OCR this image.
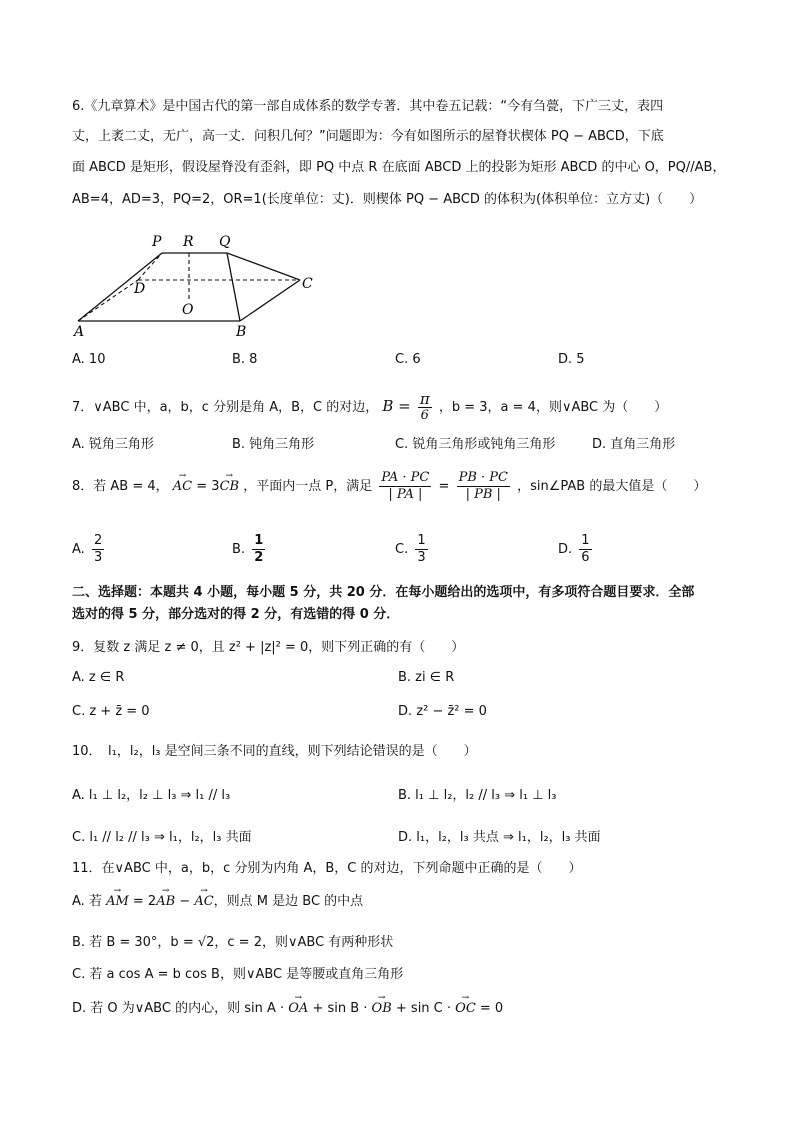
6.《九章算术》是中国古代的第一部自成体系的数学专著．其中卷五记载：“今有刍甍，下广三丈，表四
丈，上袤二丈，无广，高一丈．问积几何？”问题即为：今有如图所示的屋脊状楔体 PQ − ABCD，下底
面 ABCD 是矩形，假设屋脊没有歪斜，即 PQ 中点 R 在底面 ABCD 上的投影为矩形 ABCD 的中心 O，PQ//AB，
AB=4，AD=3，PQ=2，OR=1(长度单位：丈)．则楔体 PQ − ABCD 的体积为(体积单位：立方丈)（　　）
P R Q
D	C
O
A	B
A. 10	B. 8	C. 6	D. 5
7．∨ABC 中，a，b，c 分别是角 A，B，C 的对边， $B = \frac{\pi}{6}$ ，b = 3，a = 4，则∨ABC 为（　　）
A. 锐角三角形	B. 钝角三角形	C. 锐角三角形或钝角三角形	D. 直角三角形
8．若 AB = 4， → AC = 3→ CB ，平面内一点 P，满足 $\frac{PA \cdot PC}{| PA |} = \frac{PB \cdot PC}{| PB |}$ ，sin∠PAB 的最大值是（　　）
A. $\frac{2}{3}$	B. $\frac{1}{2}$	C. $\frac{1}{3}$	D. $\frac{1}{6}$
二、选择题：本题共 4 小题，每小题 5 分，共 20 分．在每小题给出的选项中，有多项符合题目要求．全部
选对的得 5 分，部分选对的得 2 分，有选错的得 0 分．
9．复数 z 满足 z ≠ 0，且 z² + |z|² = 0，则下列正确的有（　　）
A. z ∈ R	B. zi ∈ R
C. z + z̄ = 0	D. z² − z̄² = 0
10．　l₁，l₂，l₃ 是空间三条不同的直线，则下列结论错误的是（　　）
A. l₁ ⊥ l₂，l₂ ⊥ l₃ ⇒ l₁ // l₃	B. l₁ ⊥ l₂，l₂ // l₃ ⇒ l₁ ⊥ l₃
C. l₁ // l₂ // l₃ ⇒ l₁，l₂，l₃ 共面	D. l₁，l₂，l₃ 共点 ⇒ l₁，l₂，l₃ 共面
11．在∨ABC 中，a，b，c 分别为内角 A，B，C 的对边，下列命题中正确的是（　　）
A. 若 → AM = 2→ AB − → AC，则点 M 是边 BC 的中点
B. 若 B = 30°，b = √2，c = 2，则∨ABC 有两种形状
C. 若 a cos A = b cos B，则∨ABC 是等腰或直角三角形
D. 若 O 为∨ABC 的内心，则 sin A · → OA + sin B · → OB + sin C · → OC = 0
